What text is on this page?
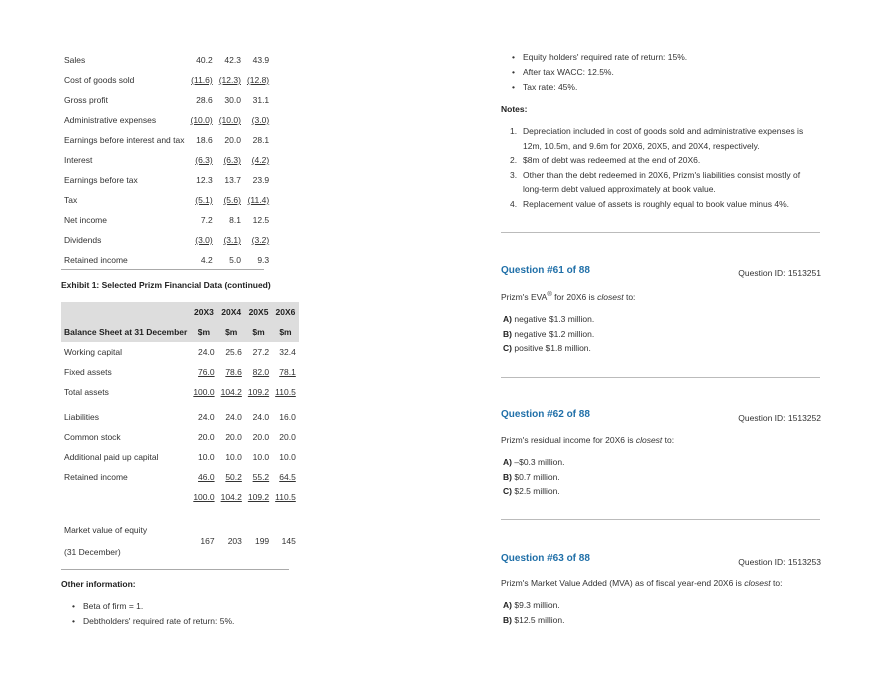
Sales	40.2	42.3	43.9
Cost of goods sold	(11.6)	(12.3)	(12.8)
Gross profit	28.6	30.0	31.1
Administrative expenses	(10.0)	(10.0)	(3.0)
Earnings before interest and tax	18.6	20.0	28.1
Interest	(6.3)	(6.3)	(4.2)
Earnings before tax	12.3	13.7	23.9
Tax	(5.1)	(5.6)	(11.4)
Net income	7.2	8.1	12.5
Dividends	(3.0)	(3.1)	(3.2)
Retained income	4.2	5.0	9.3
Exhibit 1: Selected Prizm Financial Data (continued)
	20X3	20X4	20X5	20X6
Balance Sheet at 31 December	$m	$m	$m	$m
Working capital	24.0	25.6	27.2	32.4
Fixed assets	76.0	78.6	82.0	78.1
Total assets	100.0	104.2	109.2	110.5

Liabilities	24.0	24.0	24.0	16.0
Common stock	20.0	20.0	20.0	20.0
Additional paid up capital	10.0	10.0	10.0	10.0
Retained income	46.0	50.2	55.2	64.5
	100.0	104.2	109.2	110.5

Market value of equity	167	203	199	145
(31 December)				
Other information:
• Beta of firm = 1.
• Debtholders' required rate of return: 5%.
• Equity holders' required rate of return: 15%.
• After tax WACC: 12.5%.
• Tax rate: 45%.
Notes:
1. Depreciation included in cost of goods sold and administrative expenses is 12m, 10.5m, and 9.6m for 20X6, 20X5, and 20X4, respectively.
2. $8m of debt was redeemed at the end of 20X6.
3. Other than the debt redeemed in 20X6, Prizm's liabilities consist mostly of long-term debt valued approximately at book value.
4. Replacement value of assets is roughly equal to book value minus 4%.
Question #61 of 88	Question ID: 1513251
Prizm's EVA® for 20X6 is closest to:
A) negative $1.3 million.
B) negative $1.2 million.
C) positive $1.8 million.
Question #62 of 88	Question ID: 1513252
Prizm's residual income for 20X6 is closest to:
A) –$0.3 million.
B) $0.7 million.
C) $2.5 million.
Question #63 of 88	Question ID: 1513253
Prizm's Market Value Added (MVA) as of fiscal year-end 20X6 is closest to:
A) $9.3 million.
B) $12.5 million.
